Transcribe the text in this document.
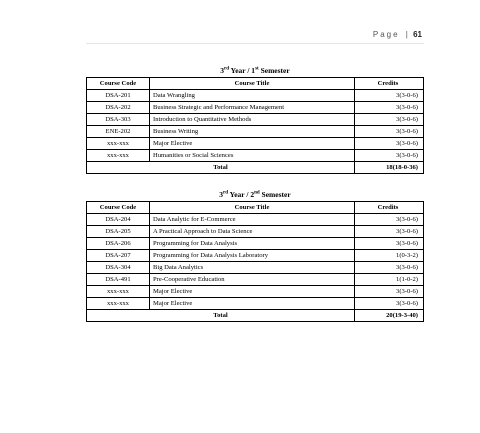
Page | 61
3rd Year / 1st Semester
Course Code	Course Title	Credits
DSA-201	Data Wrangling	3(3-0-6)
DSA-202	Business Strategic and Performance Management	3(3-0-6)
DSA-303	Introduction to Quantitative Methods	3(3-0-6)
ENE-202	Business Writing	3(3-0-6)
xxx-xxx	Major Elective	3(3-0-6)
xxx-xxx	Humanities or Social Sciences	3(3-0-6)
Total		18(18-0-36)
3rd Year / 2nd Semester
Course Code	Course Title	Credits
DSA-204	Data Analytic for E-Commerce	3(3-0-6)
DSA-205	A Practical Approach to Data Science	3(3-0-6)
DSA-206	Programming for Data Analysis	3(3-0-6)
DSA-207	Programming for Data Analysis Laboratory	1(0-3-2)
DSA-304	Big Data Analytics	3(3-0-6)
DSA-491	Pre-Cooperative Education	1(1-0-2)
xxx-xxx	Major Elective	3(3-0-6)
xxx-xxx	Major Elective	3(3-0-6)
Total		20(19-3-40)
